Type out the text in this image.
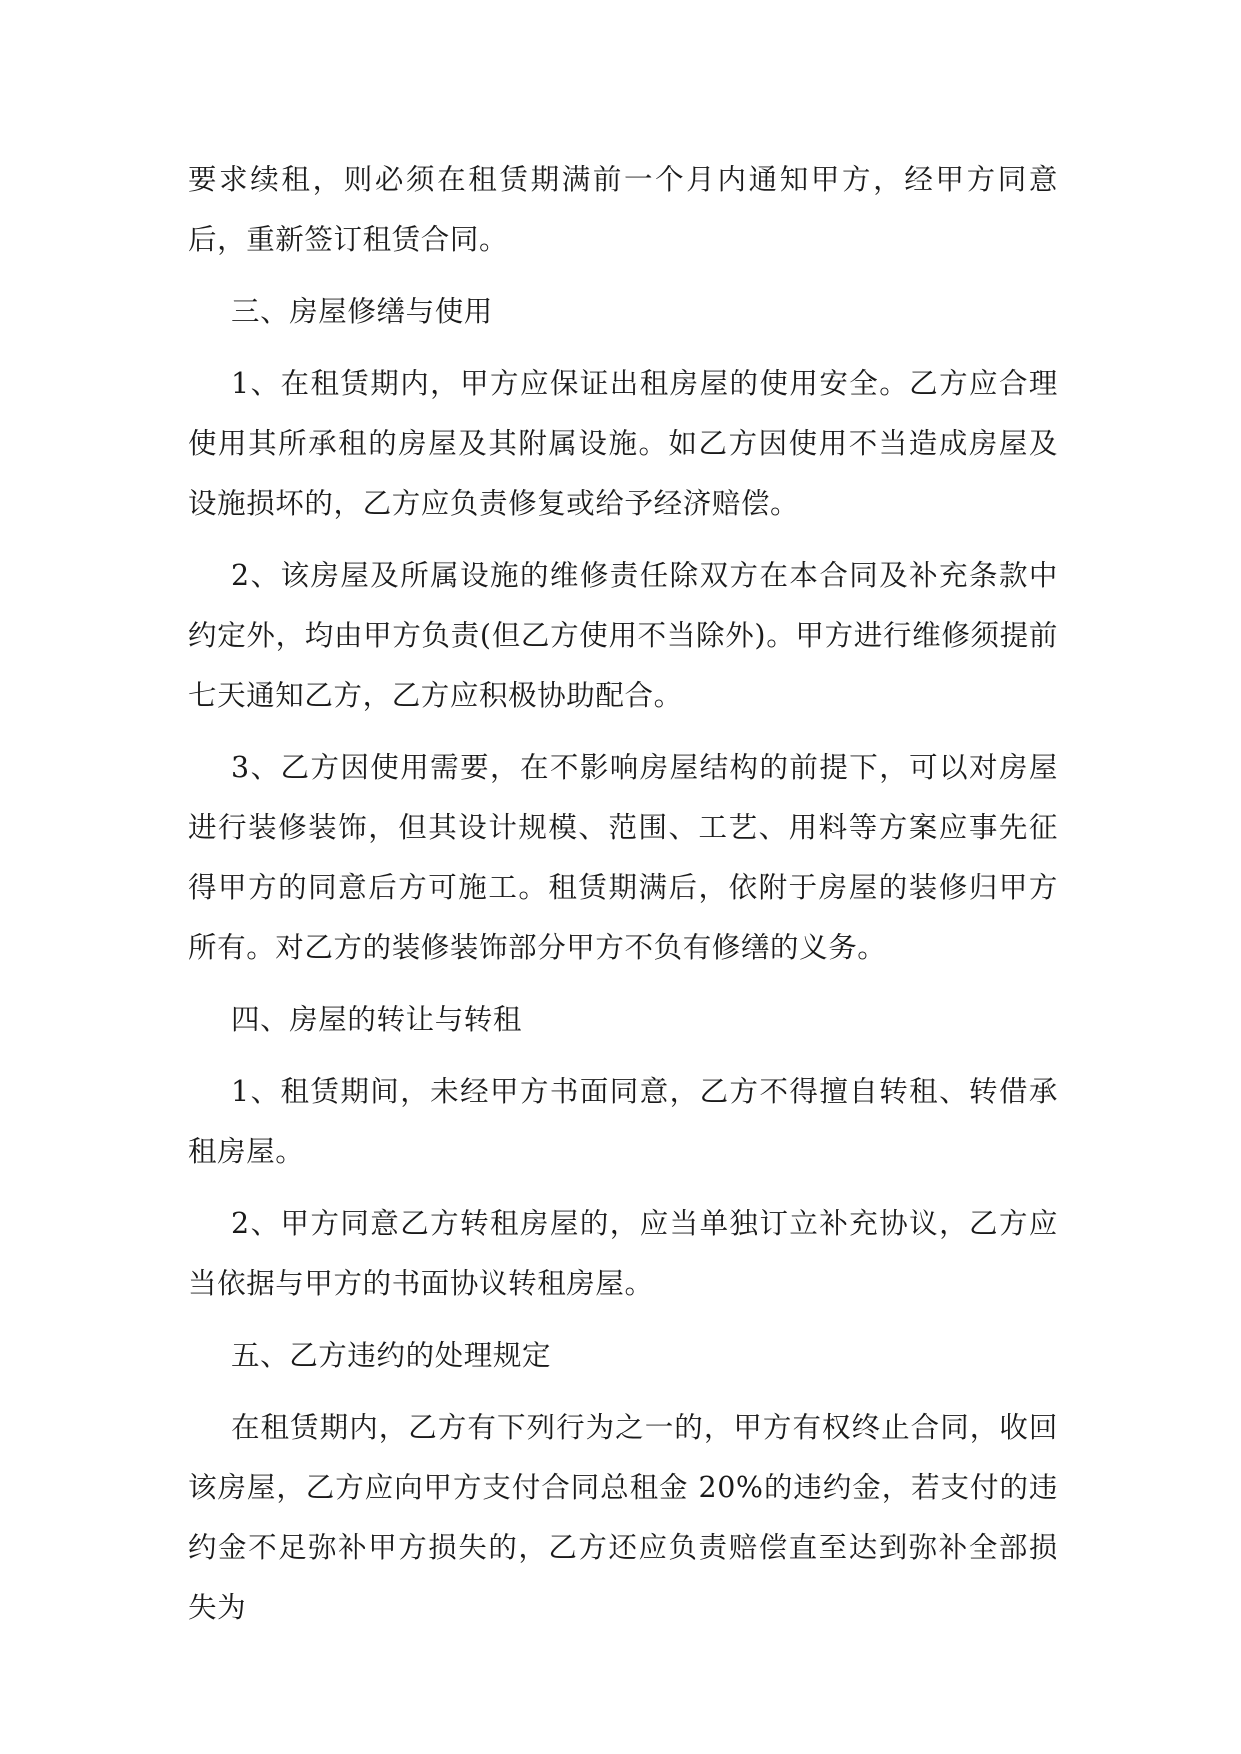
要求续租，则必须在租赁期满前一个月内通知甲方，经甲方同意后，重新签订租赁合同。

三、房屋修缮与使用

1、在租赁期内，甲方应保证出租房屋的使用安全。乙方应合理使用其所承租的房屋及其附属设施。如乙方因使用不当造成房屋及设施损坏的，乙方应负责修复或给予经济赔偿。

2、该房屋及所属设施的维修责任除双方在本合同及补充条款中约定外，均由甲方负责(但乙方使用不当除外)。甲方进行维修须提前七天通知乙方，乙方应积极协助配合。

3、乙方因使用需要，在不影响房屋结构的前提下，可以对房屋进行装修装饰，但其设计规模、范围、工艺、用料等方案应事先征得甲方的同意后方可施工。租赁期满后，依附于房屋的装修归甲方所有。对乙方的装修装饰部分甲方不负有修缮的义务。

四、房屋的转让与转租

1、租赁期间，未经甲方书面同意，乙方不得擅自转租、转借承租房屋。

2、甲方同意乙方转租房屋的，应当单独订立补充协议，乙方应当依据与甲方的书面协议转租房屋。

五、乙方违约的处理规定

在租赁期内，乙方有下列行为之一的，甲方有权终止合同，收回该房屋，乙方应向甲方支付合同总租金 20%的违约金，若支付的违约金不足弥补甲方损失的，乙方还应负责赔偿直至达到弥补全部损失为
